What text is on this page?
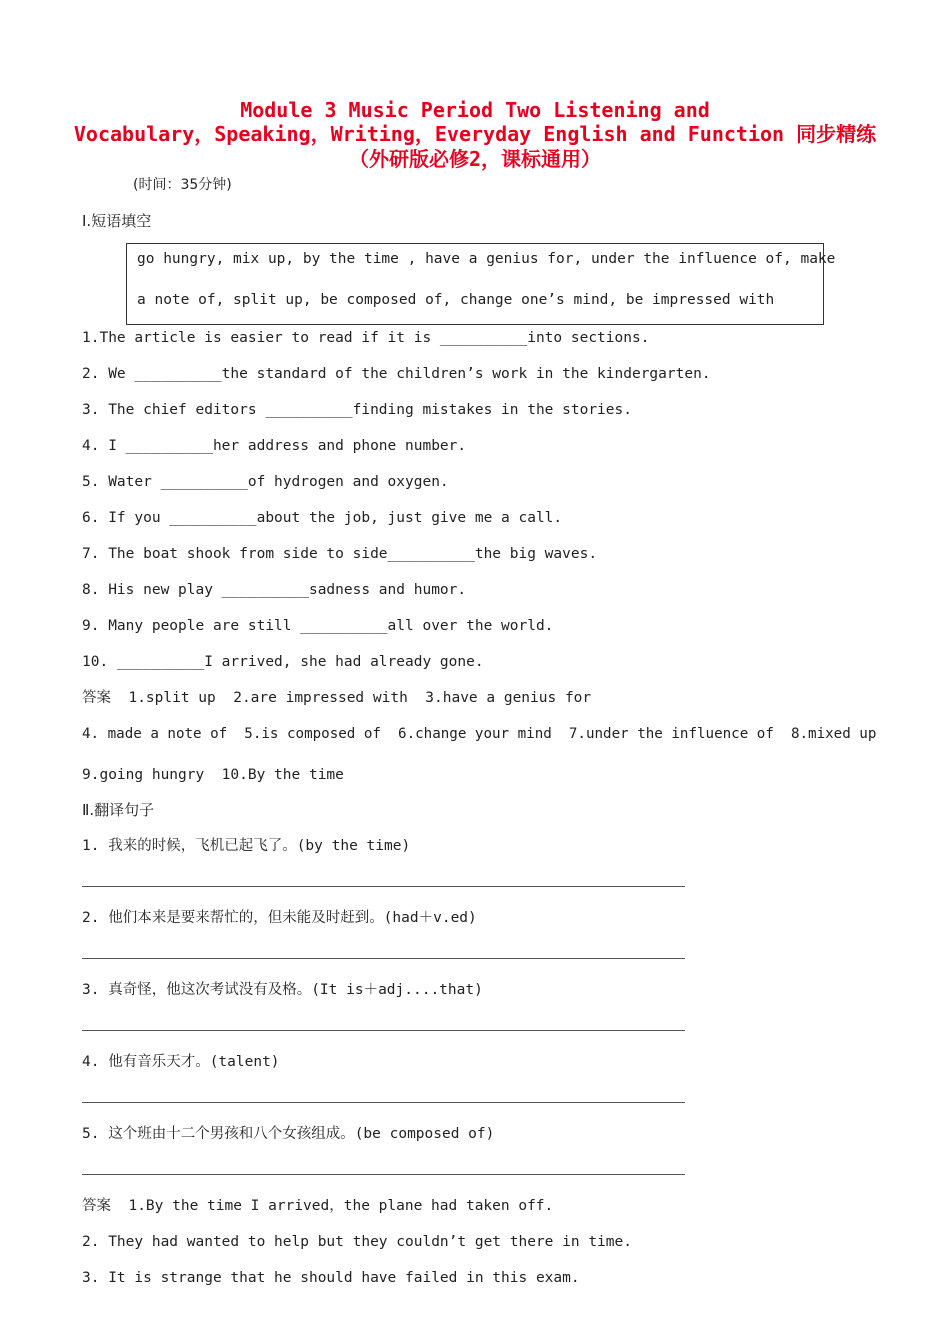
Module 3 Music Period Two Listening and
Vocabulary，Speaking，Writing，Everyday English and Function 同步精练
（外研版必修2，课标通用）
(时间：35分钟)
Ⅰ.短语填空
go hungry, mix up, by the time , have a genius for, under the influence of, make
a note of, split up, be composed of, change one’s mind, be impressed with
1.The article is easier to read if it is __________into sections.
2. We __________the standard of the children’s work in the kindergarten.
3. The chief editors __________finding mistakes in the stories.
4. I __________her address and phone number.
5. Water __________of hydrogen and oxygen.
6. If you __________about the job, just give me a call.
7. The boat shook from side to side__________the big waves.
8. His new play __________sadness and humor.
9. Many people are still __________all over the world.
10. __________I arrived, she had already gone.
答案  1.split up  2.are impressed with  3.have a genius for
4. made a note of  5.is composed of  6.change your mind  7.under the influence of  8.mixed up
9.going hungry  10.By the time
Ⅱ.翻译句子
1. 我来的时候，飞机已起飞了。(by the time)
2. 他们本来是要来帮忙的，但未能及时赶到。(had＋v.ed)
3. 真奇怪，他这次考试没有及格。(It is＋adj....that)
4. 他有音乐天才。(talent)
5. 这个班由十二个男孩和八个女孩组成。(be composed of)
答案  1.By the time I arrived，the plane had taken off.
2. They had wanted to help but they couldn’t get there in time.
3. It is strange that he should have failed in this exam.
